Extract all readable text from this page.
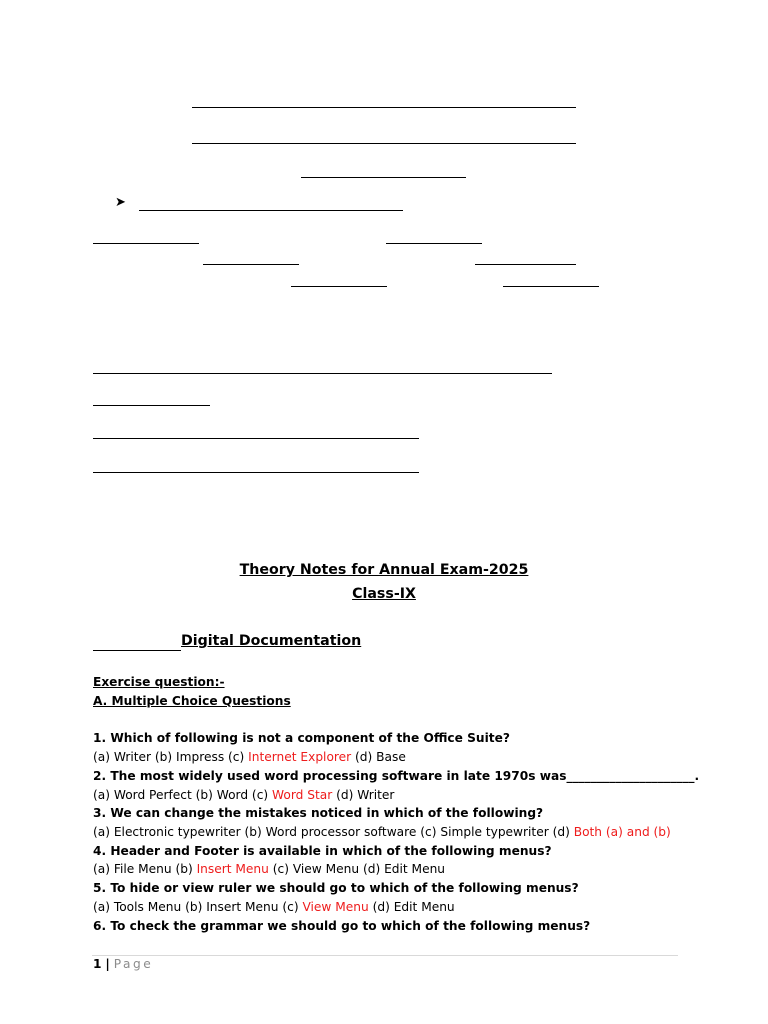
➤
Theory Notes for Annual Exam-2025
Class-IX
Digital Documentation
Exercise question:-
A. Multiple Choice Questions
1. Which of following is not a component of the Office Suite?
(a) Writer (b) Impress (c) Internet Explorer (d) Base
2. The most widely used word processing software in late 1970s was_____________________.
(a) Word Perfect (b) Word (c) Word Star (d) Writer
3. We can change the mistakes noticed in which of the following?
(a) Electronic typewriter (b) Word processor software (c) Simple typewriter (d) Both (a) and (b)
4. Header and Footer is available in which of the following menus?
(a) File Menu (b) Insert Menu (c) View Menu (d) Edit Menu
5. To hide or view ruler we should go to which of the following menus?
(a) Tools Menu (b) Insert Menu (c) View Menu (d) Edit Menu
6. To check the grammar we should go to which of the following menus?
1 | Page
